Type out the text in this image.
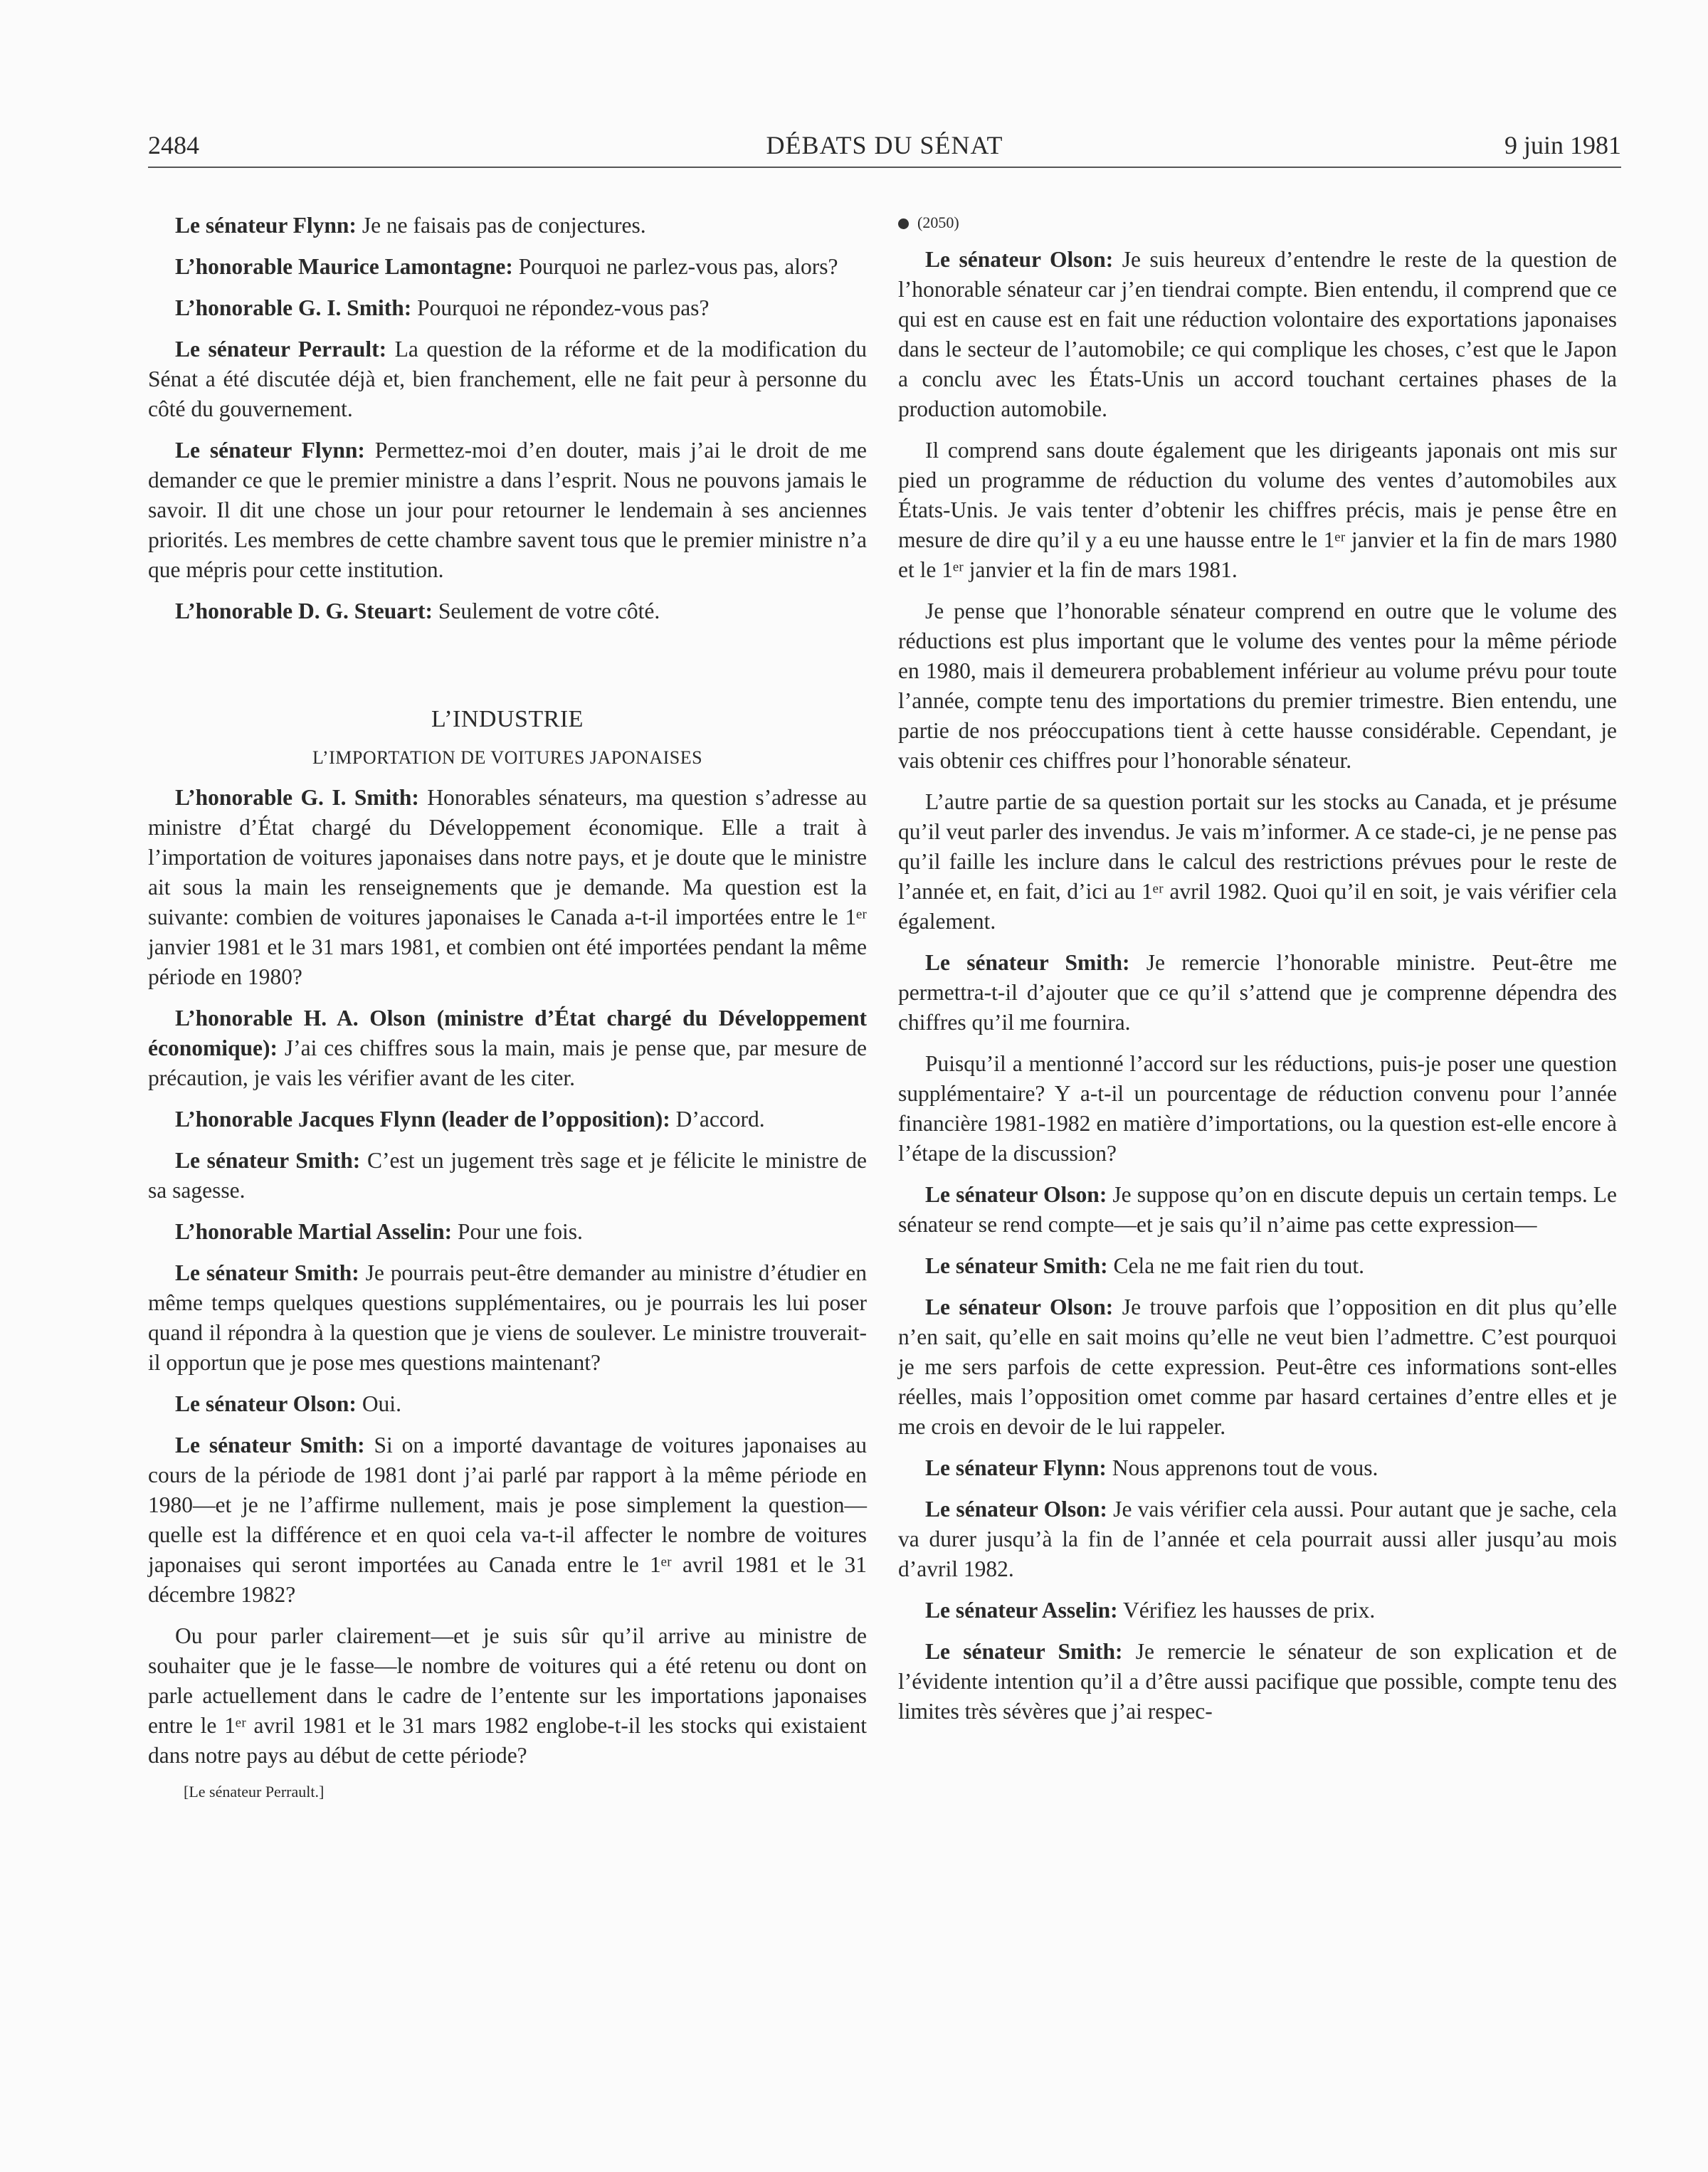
2484	DÉBATS DU SÉNAT	9 juin 1981

Le sénateur Flynn: Je ne faisais pas de conjectures.

L’honorable Maurice Lamontagne: Pourquoi ne parlez-vous pas, alors?

L’honorable G. I. Smith: Pourquoi ne répondez-vous pas?

Le sénateur Perrault: La question de la réforme et de la modification du Sénat a été discutée déjà et, bien franchement, elle ne fait peur à personne du côté du gouvernement.

Le sénateur Flynn: Permettez-moi d’en douter, mais j’ai le droit de me demander ce que le premier ministre a dans l’esprit. Nous ne pouvons jamais le savoir. Il dit une chose un jour pour retourner le lendemain à ses anciennes priorités. Les membres de cette chambre savent tous que le premier ministre n’a que mépris pour cette institution.

L’honorable D. G. Steuart: Seulement de votre côté.

L’INDUSTRIE
L’IMPORTATION DE VOITURES JAPONAISES

L’honorable G. I. Smith: Honorables sénateurs, ma question s’adresse au ministre d’État chargé du Développement économique. Elle a trait à l’importation de voitures japonaises dans notre pays, et je doute que le ministre ait sous la main les renseignements que je demande. Ma question est la suivante: combien de voitures japonaises le Canada a-t-il importées entre le 1ᵉʳ janvier 1981 et le 31 mars 1981, et combien ont été importées pendant la même période en 1980?

L’honorable H. A. Olson (ministre d’État chargé du Développement économique): J’ai ces chiffres sous la main, mais je pense que, par mesure de précaution, je vais les vérifier avant de les citer.

L’honorable Jacques Flynn (leader de l’opposition): D’accord.

Le sénateur Smith: C’est un jugement très sage et je félicite le ministre de sa sagesse.

L’honorable Martial Asselin: Pour une fois.

Le sénateur Smith: Je pourrais peut-être demander au ministre d’étudier en même temps quelques questions supplémentaires, ou je pourrais les lui poser quand il répondra à la question que je viens de soulever. Le ministre trouverait-il opportun que je pose mes questions maintenant?

Le sénateur Olson: Oui.

Le sénateur Smith: Si on a importé davantage de voitures japonaises au cours de la période de 1981 dont j’ai parlé par rapport à la même période en 1980—et je ne l’affirme nullement, mais je pose simplement la question—quelle est la différence et en quoi cela va-t-il affecter le nombre de voitures japonaises qui seront importées au Canada entre le 1ᵉʳ avril 1981 et le 31 décembre 1982?

Ou pour parler clairement—et je suis sûr qu’il arrive au ministre de souhaiter que je le fasse—le nombre de voitures qui a été retenu ou dont on parle actuellement dans le cadre de l’entente sur les importations japonaises entre le 1ᵉʳ avril 1981 et le 31 mars 1982 englobe-t-il les stocks qui existaient dans notre pays au début de cette période?

[Le sénateur Perrault.]
(2050)

Le sénateur Olson: Je suis heureux d’entendre le reste de la question de l’honorable sénateur car j’en tiendrai compte. Bien entendu, il comprend que ce qui est en cause est en fait une réduction volontaire des exportations japonaises dans le secteur de l’automobile; ce qui complique les choses, c’est que le Japon a conclu avec les États-Unis un accord touchant certaines phases de la production automobile.

Il comprend sans doute également que les dirigeants japonais ont mis sur pied un programme de réduction du volume des ventes d’automobiles aux États-Unis. Je vais tenter d’obtenir les chiffres précis, mais je pense être en mesure de dire qu’il y a eu une hausse entre le 1ᵉʳ janvier et la fin de mars 1980 et le 1ᵉʳ janvier et la fin de mars 1981.

Je pense que l’honorable sénateur comprend en outre que le volume des réductions est plus important que le volume des ventes pour la même période en 1980, mais il demeurera probablement inférieur au volume prévu pour toute l’année, compte tenu des importations du premier trimestre. Bien entendu, une partie de nos préoccupations tient à cette hausse considérable. Cependant, je vais obtenir ces chiffres pour l’honorable sénateur.

L’autre partie de sa question portait sur les stocks au Canada, et je présume qu’il veut parler des invendus. Je vais m’informer. A ce stade-ci, je ne pense pas qu’il faille les inclure dans le calcul des restrictions prévues pour le reste de l’année et, en fait, d’ici au 1ᵉʳ avril 1982. Quoi qu’il en soit, je vais vérifier cela également.

Le sénateur Smith: Je remercie l’honorable ministre. Peut-être me permettra-t-il d’ajouter que ce qu’il s’attend que je comprenne dépendra des chiffres qu’il me fournira.

Puisqu’il a mentionné l’accord sur les réductions, puis-je poser une question supplémentaire? Y a-t-il un pourcentage de réduction convenu pour l’année financière 1981-1982 en matière d’importations, ou la question est-elle encore à l’étape de la discussion?

Le sénateur Olson: Je suppose qu’on en discute depuis un certain temps. Le sénateur se rend compte—et je sais qu’il n’aime pas cette expression—

Le sénateur Smith: Cela ne me fait rien du tout.

Le sénateur Olson: Je trouve parfois que l’opposition en dit plus qu’elle n’en sait, qu’elle en sait moins qu’elle ne veut bien l’admettre. C’est pourquoi je me sers parfois de cette expression. Peut-être ces informations sont-elles réelles, mais l’opposition omet comme par hasard certaines d’entre elles et je me crois en devoir de le lui rappeler.

Le sénateur Flynn: Nous apprenons tout de vous.

Le sénateur Olson: Je vais vérifier cela aussi. Pour autant que je sache, cela va durer jusqu’à la fin de l’année et cela pourrait aussi aller jusqu’au mois d’avril 1982.

Le sénateur Asselin: Vérifiez les hausses de prix.

Le sénateur Smith: Je remercie le sénateur de son explication et de l’évidente intention qu’il a d’être aussi pacifique que possible, compte tenu des limites très sévères que j’ai respec-
